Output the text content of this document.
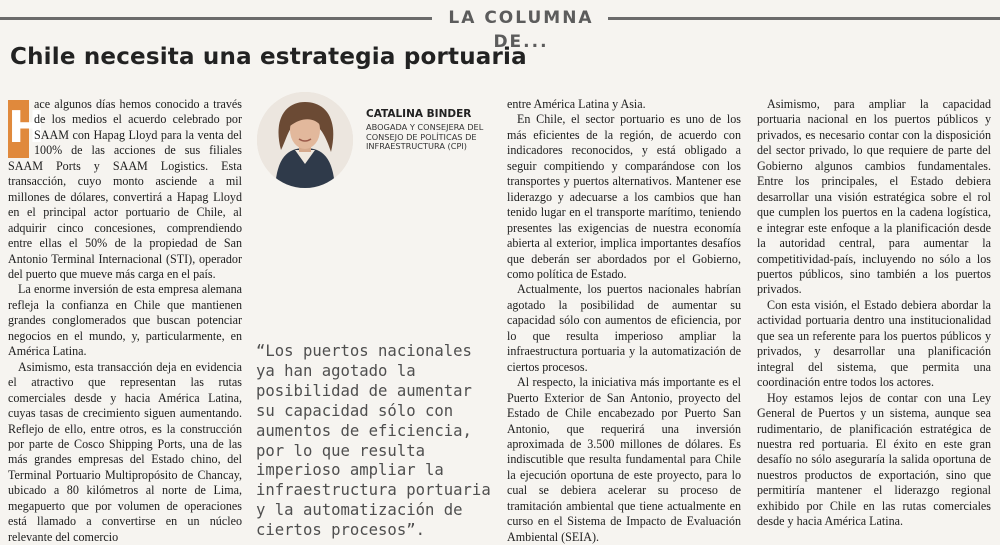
LA COLUMNA DE...
Chile necesita una estrategia portuaria

H
ace algunos días hemos conocido a través de los medios el acuerdo celebrado por SAAM con Hapag Lloyd para la venta del 100% de las acciones de sus filiales SAAM Ports y SAAM Logistics. Esta transacción, cuyo monto asciende a mil millones de dólares, convertirá a Hapag Lloyd en el principal actor portuario de Chile, al adquirir cinco concesiones, comprendiendo entre ellas el 50% de la propiedad de San Antonio Terminal Internacional (STI), operador del puerto que mueve más carga en el país.

La enorme inversión de esta empresa alemana refleja la confianza en Chile que mantienen grandes conglomerados que buscan potenciar negocios en el mundo, y, particularmente, en América Latina.

Asimismo, esta transacción deja en evidencia el atractivo que representan las rutas comerciales desde y hacia América Latina, cuyas tasas de crecimiento siguen aumentando. Reflejo de ello, entre otros, es la construcción por parte de Cosco Shipping Ports, una de las más grandes empresas del Estado chino, del Terminal Portuario Multipropósito de Chancay, ubicado a 80 kilómetros al norte de Lima, megapuerto que por volumen de operaciones está llamado a convertirse en un núcleo relevante del comercio

CATALINA BINDER
ABOGADA Y CONSEJERA DEL CONSEJO DE POLÍTICAS DE INFRAESTRUCTURA (CPI)
“Los puertos nacionales ya han agotado la posibilidad de aumentar su capacidad sólo con aumentos de eficiencia, por lo que resulta imperioso ampliar la infraestructura portuaria y la automatización de ciertos procesos”.

entre América Latina y Asia.

En Chile, el sector portuario es uno de los más eficientes de la región, de acuerdo con indicadores reconocidos, y está obligado a seguir compitiendo y comparándose con los transportes y puertos alternativos. Mantener ese liderazgo y adecuarse a los cambios que han tenido lugar en el transporte marítimo, teniendo presentes las exigencias de nuestra economía abierta al exterior, implica importantes desafíos que deberán ser abordados por el Gobierno, como política de Estado.

Actualmente, los puertos nacionales habrían agotado la posibilidad de aumentar su capacidad sólo con aumentos de eficiencia, por lo que resulta imperioso ampliar la infraestructura portuaria y la automatización de ciertos procesos.

Al respecto, la iniciativa más importante es el Puerto Exterior de San Antonio, proyecto del Estado de Chile encabezado por Puerto San Antonio, que requerirá una inversión aproximada de 3.500 millones de dólares. Es indiscutible que resulta fundamental para Chile la ejecución oportuna de este proyecto, para lo cual se debiera acelerar su proceso de tramitación ambiental que tiene actualmente en curso en el Sistema de Impacto de Evaluación Ambiental (SEIA).

Asimismo, para ampliar la capacidad portuaria nacional en los puertos públicos y privados, es necesario contar con la disposición del sector privado, lo que requiere de parte del Gobierno algunos cambios fundamentales. Entre los principales, el Estado debiera desarrollar una visión estratégica sobre el rol que cumplen los puertos en la cadena logística, e integrar este enfoque a la planificación desde la autoridad central, para aumentar la competitividad-país, incluyendo no sólo a los puertos públicos, sino también a los puertos privados.

Con esta visión, el Estado debiera abordar la actividad portuaria dentro una institucionalidad que sea un referente para los puertos públicos y privados, y desarrollar una planificación integral del sistema, que permita una coordinación entre todos los actores.

Hoy estamos lejos de contar con una Ley General de Puertos y un sistema, aunque sea rudimentario, de planificación estratégica de nuestra red portuaria. El éxito en este gran desafío no sólo aseguraría la salida oportuna de nuestros productos de exportación, sino que permitiría mantener el liderazgo regional exhibido por Chile en las rutas comerciales desde y hacia América Latina.
